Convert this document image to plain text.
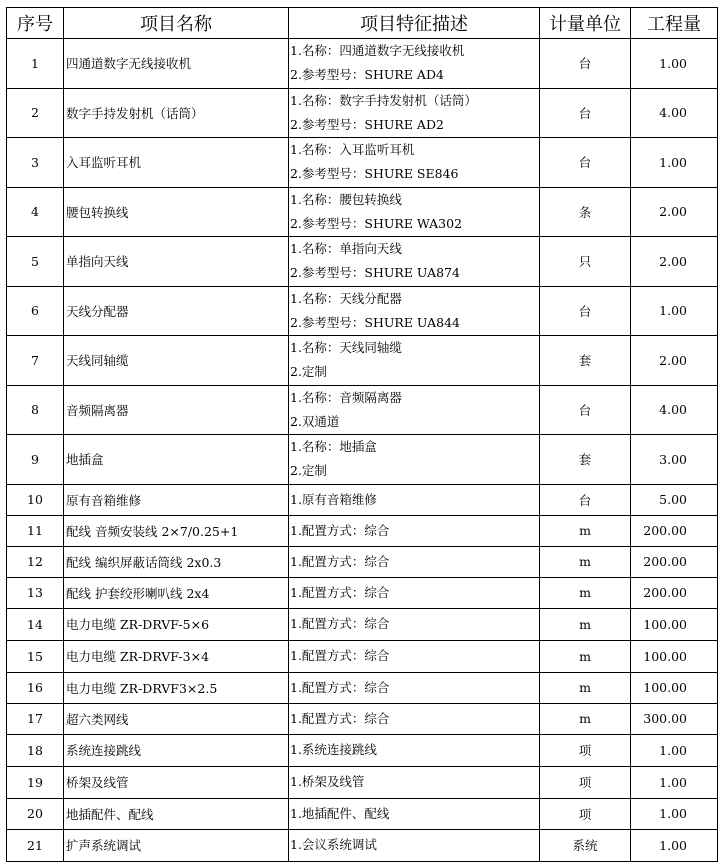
序号	项目名称	项目特征描述	计量单位	工程量
1	四通道数字无线接收机	1.名称：四通道数字无线接收机
2.参考型号：SHURE AD4	台	1.00
2	数字手持发射机（话筒）	1.名称：数字手持发射机（话筒）
2.参考型号：SHURE AD2	台	4.00
3	入耳监听耳机	1.名称：入耳监听耳机
2.参考型号：SHURE SE846	台	1.00
4	腰包转换线	1.名称：腰包转换线
2.参考型号：SHURE WA302	条	2.00
5	单指向天线	1.名称：单指向天线
2.参考型号：SHURE UA874	只	2.00
6	天线分配器	1.名称：天线分配器
2.参考型号：SHURE UA844	台	1.00
7	天线同轴缆	1.名称：天线同轴缆
2.定制	套	2.00
8	音频隔离器	1.名称：音频隔离器
2.双通道	台	4.00
9	地插盒	1.名称：地插盒
2.定制	套	3.00
10	原有音箱维修	1.原有音箱维修	台	5.00
11	配线 音频安装线 2×7/0.25+1	1.配置方式：综合	m	200.00
12	配线 编织屏蔽话筒线 2x0.3	1.配置方式：综合	m	200.00
13	配线 护套绞形喇叭线 2x4	1.配置方式：综合	m	200.00
14	电力电缆 ZR-DRVF-5×6	1.配置方式：综合	m	100.00
15	电力电缆 ZR-DRVF-3×4	1.配置方式：综合	m	100.00
16	电力电缆 ZR-DRVF3×2.5	1.配置方式：综合	m	100.00
17	超六类网线	1.配置方式：综合	m	300.00
18	系统连接跳线	1.系统连接跳线	项	1.00
19	桥架及线管	1.桥架及线管	项	1.00
20	地插配件、配线	1.地插配件、配线	项	1.00
21	扩声系统调试	1.会议系统调试	系统	1.00
